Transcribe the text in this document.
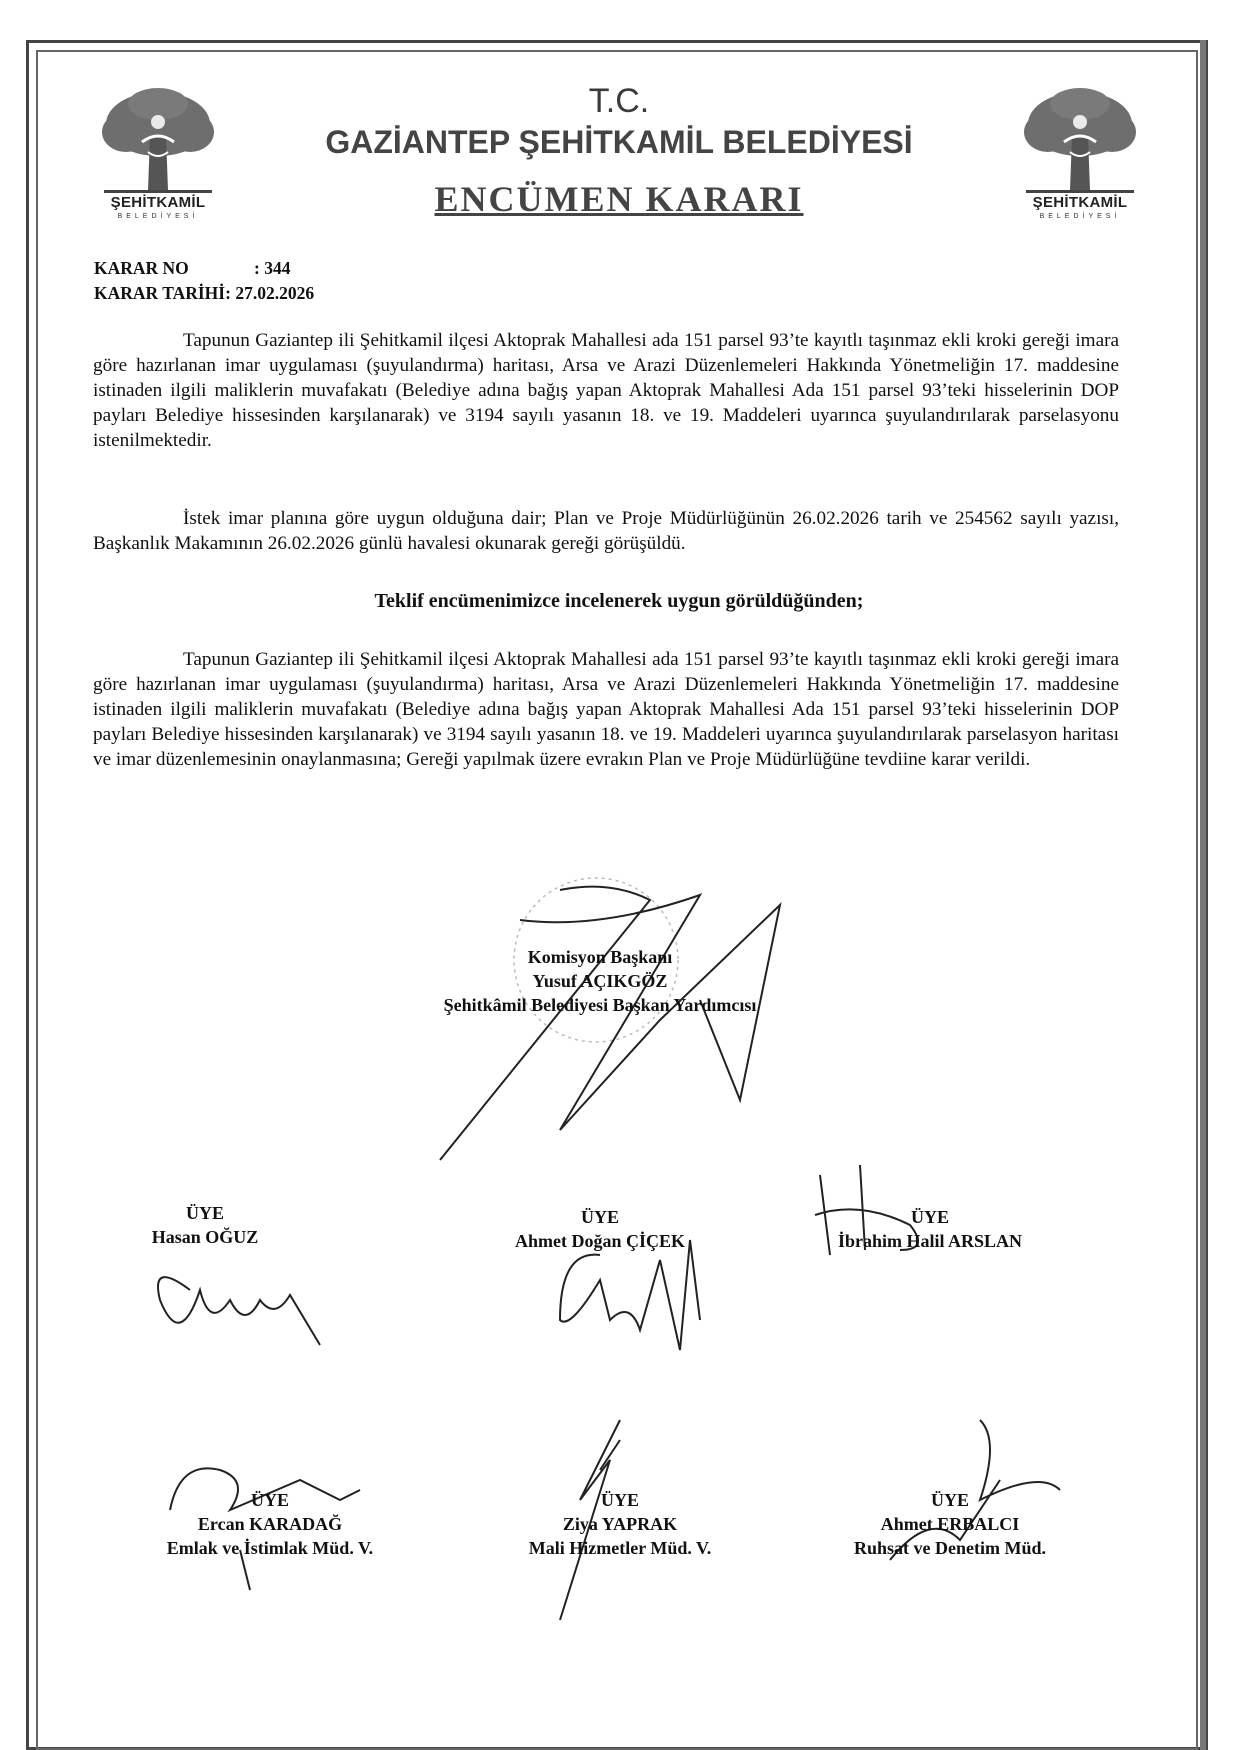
ŞEHİTKAMİL
BELEDİYESİ
ŞEHİTKAMİL
BELEDİYESİ
T.C.
GAZİANTEP ŞEHİTKAMİL BELEDİYESİ
ENCÜMEN KARARI
KARAR NO	: 344
KARAR TARİHİ: 27.02.2026

Tapunun Gaziantep ili Şehitkamil ilçesi Aktoprak Mahallesi ada 151 parsel 93’te kayıtlı taşınmaz ekli kroki gereği imara göre hazırlanan imar uygulaması (şuyulandırma) haritası, Arsa ve Arazi Düzenlemeleri Hakkında Yönetmeliğin 17. maddesine istinaden ilgili maliklerin muvafakatı (Belediye adına bağış yapan Aktoprak Mahallesi Ada 151 parsel 93’teki hisselerinin DOP payları Belediye hissesinden karşılanarak) ve 3194 sayılı yasanın 18. ve 19. Maddeleri uyarınca şuyulandırılarak parselasyonu istenilmektedir.

İstek imar planına göre uygun olduğuna dair; Plan ve Proje Müdürlüğünün 26.02.2026 tarih ve 254562 sayılı yazısı, Başkanlık Makamının 26.02.2026 günlü havalesi okunarak gereği görüşüldü.

Teklif encümenimizce incelenerek uygun görüldüğünden;

Tapunun Gaziantep ili Şehitkamil ilçesi Aktoprak Mahallesi ada 151 parsel 93’te kayıtlı taşınmaz ekli kroki gereği imara göre hazırlanan imar uygulaması (şuyulandırma) haritası, Arsa ve Arazi Düzenlemeleri Hakkında Yönetmeliğin 17. maddesine istinaden ilgili maliklerin muvafakatı (Belediye adına bağış yapan Aktoprak Mahallesi Ada 151 parsel 93’teki hisselerinin DOP payları Belediye hissesinden karşılanarak) ve 3194 sayılı yasanın 18. ve 19. Maddeleri uyarınca şuyulandırılarak parselasyon haritası ve imar düzenlemesinin onaylanmasına; Gereği yapılmak üzere evrakın Plan ve Proje Müdürlüğüne tevdiine karar verildi.

Komisyon Başkanı
Yusuf AÇIKGÖZ
Şehitkâmil Belediyesi Başkan Yardımcısı
ÜYE
Hasan OĞUZ
ÜYE
Ahmet Doğan ÇİÇEK
ÜYE
İbrahim Halil ARSLAN
ÜYE
Ercan KARADAĞ
Emlak ve İstimlak Müd. V.
ÜYE
Ziya YAPRAK
Mali Hizmetler Müd. V.
ÜYE
Ahmet ERBALCI
Ruhsat ve Denetim Müd.
